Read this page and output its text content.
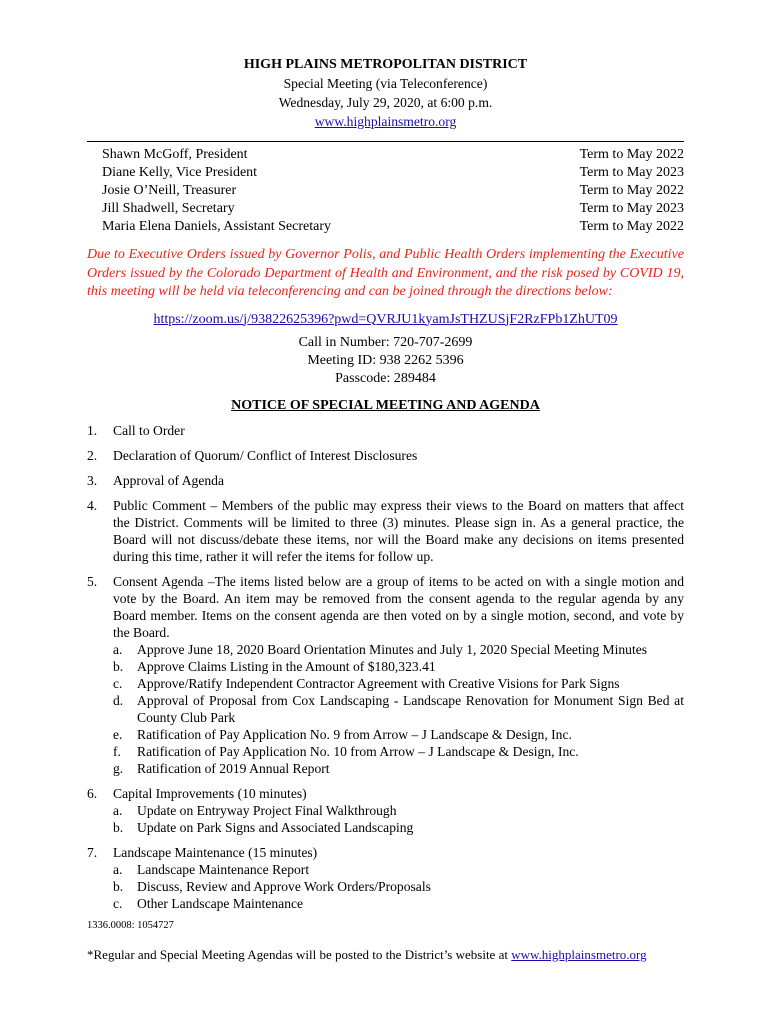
HIGH PLAINS METROPOLITAN DISTRICT
Special Meeting (via Teleconference)
Wednesday, July 29, 2020, at 6:00 p.m.
www.highplainsmetro.org
Shawn McGoff, President	Term to May 2022
Diane Kelly, Vice President	Term to May 2023
Josie O’Neill, Treasurer	Term to May 2022
Jill Shadwell, Secretary	Term to May 2023
Maria Elena Daniels, Assistant Secretary	Term to May 2022
Due to Executive Orders issued by Governor Polis, and Public Health Orders implementing the Executive Orders issued by the Colorado Department of Health and Environment, and the risk posed by COVID 19, this meeting will be held via teleconferencing and can be joined through the directions below:
https://zoom.us/j/93822625396?pwd=QVRJU1kyamJsTHZUSjF2RzFPb1ZhUT09
Call in Number: 720-707-2699
Meeting ID: 938 2262 5396
Passcode: 289484
NOTICE OF SPECIAL MEETING AND AGENDA
1.	Call to Order
2.	Declaration of Quorum/ Conflict of Interest Disclosures
3.	Approval of Agenda
4.	Public Comment – Members of the public may express their views to the Board on matters that affect the District. Comments will be limited to three (3) minutes. Please sign in. As a general practice, the Board will not discuss/debate these items, nor will the Board make any decisions on items presented during this time, rather it will refer the items for follow up.
5.	Consent Agenda –The items listed below are a group of items to be acted on with a single motion and vote by the Board. An item may be removed from the consent agenda to the regular agenda by any Board member. Items on the consent agenda are then voted on by a single motion, second, and vote by the Board.
a.	Approve June 18, 2020 Board Orientation Minutes and July 1, 2020 Special Meeting Minutes
b.	Approve Claims Listing in the Amount of $180,323.41
c.	Approve/Ratify Independent Contractor Agreement with Creative Visions for Park Signs
d.	Approval of Proposal from Cox Landscaping - Landscape Renovation for Monument Sign Bed at County Club Park
e.	Ratification of Pay Application No. 9 from Arrow – J Landscape & Design, Inc.
f.	Ratification of Pay Application No. 10 from Arrow – J Landscape & Design, Inc.
g.	Ratification of 2019 Annual Report
6.	Capital Improvements (10 minutes)
a.	Update on Entryway Project Final Walkthrough
b.	Update on Park Signs and Associated Landscaping
7.	Landscape Maintenance (15 minutes)
a.	Landscape Maintenance Report
b.	Discuss, Review and Approve Work Orders/Proposals
c.	Other Landscape Maintenance
1336.0008: 1054727
*Regular and Special Meeting Agendas will be posted to the District’s website at www.highplainsmetro.org
